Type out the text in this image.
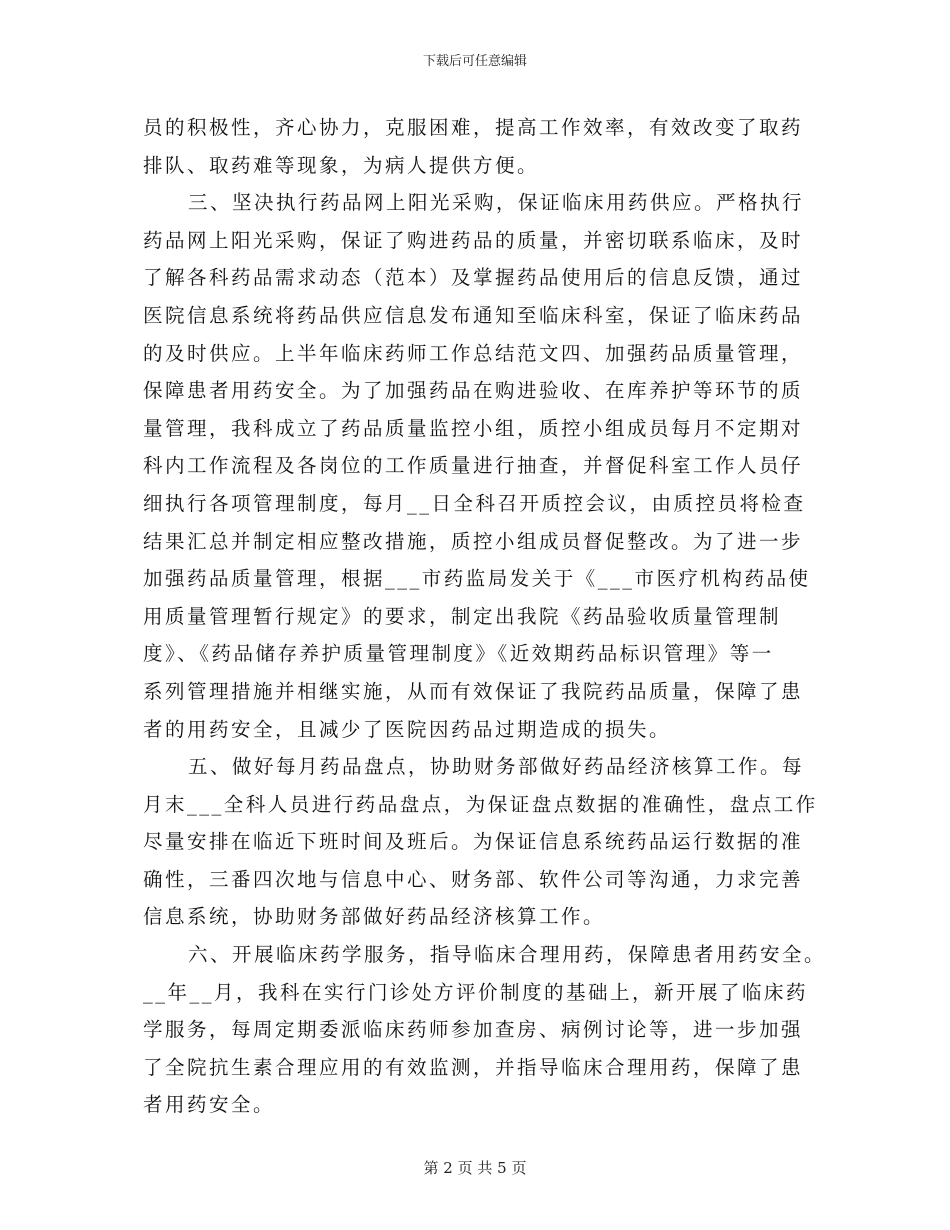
下载后可任意编辑
员的积极性，齐心协力，克服困难，提高工作效率，有效改变了取药
排队、取药难等现象，为病人提供方便。
三、坚决执行药品网上阳光采购，保证临床用药供应。严格执行
药品网上阳光采购，保证了购进药品的质量，并密切联系临床，及时
了解各科药品需求动态（范本）及掌握药品使用后的信息反馈，通过
医院信息系统将药品供应信息发布通知至临床科室，保证了临床药品
的及时供应。上半年临床药师工作总结范文四、加强药品质量管理，
保障患者用药安全。为了加强药品在购进验收、在库养护等环节的质
量管理，我科成立了药品质量监控小组，质控小组成员每月不定期对
科内工作流程及各岗位的工作质量进行抽查，并督促科室工作人员仔
细执行各项管理制度，每月__日全科召开质控会议，由质控员将检查
结果汇总并制定相应整改措施，质控小组成员督促整改。为了进一步
加强药品质量管理，根据___市药监局发关于《___市医疗机构药品使
用质量管理暂行规定》的要求，制定出我院《药品验收质量管理制
度》、《药品储存养护质量管理制度》《近效期药品标识管理》等一
系列管理措施并相继实施，从而有效保证了我院药品质量，保障了患
者的用药安全，且减少了医院因药品过期造成的损失。
五、做好每月药品盘点，协助财务部做好药品经济核算工作。每
月末___全科人员进行药品盘点，为保证盘点数据的准确性，盘点工作
尽量安排在临近下班时间及班后。为保证信息系统药品运行数据的准
确性，三番四次地与信息中心、财务部、软件公司等沟通，力求完善
信息系统，协助财务部做好药品经济核算工作。
六、开展临床药学服务，指导临床合理用药，保障患者用药安全。
__年__月，我科在实行门诊处方评价制度的基础上，新开展了临床药
学服务，每周定期委派临床药师参加查房、病例讨论等，进一步加强
了全院抗生素合理应用的有效监测，并指导临床合理用药，保障了患
者用药安全。
第 2 页 共 5 页
